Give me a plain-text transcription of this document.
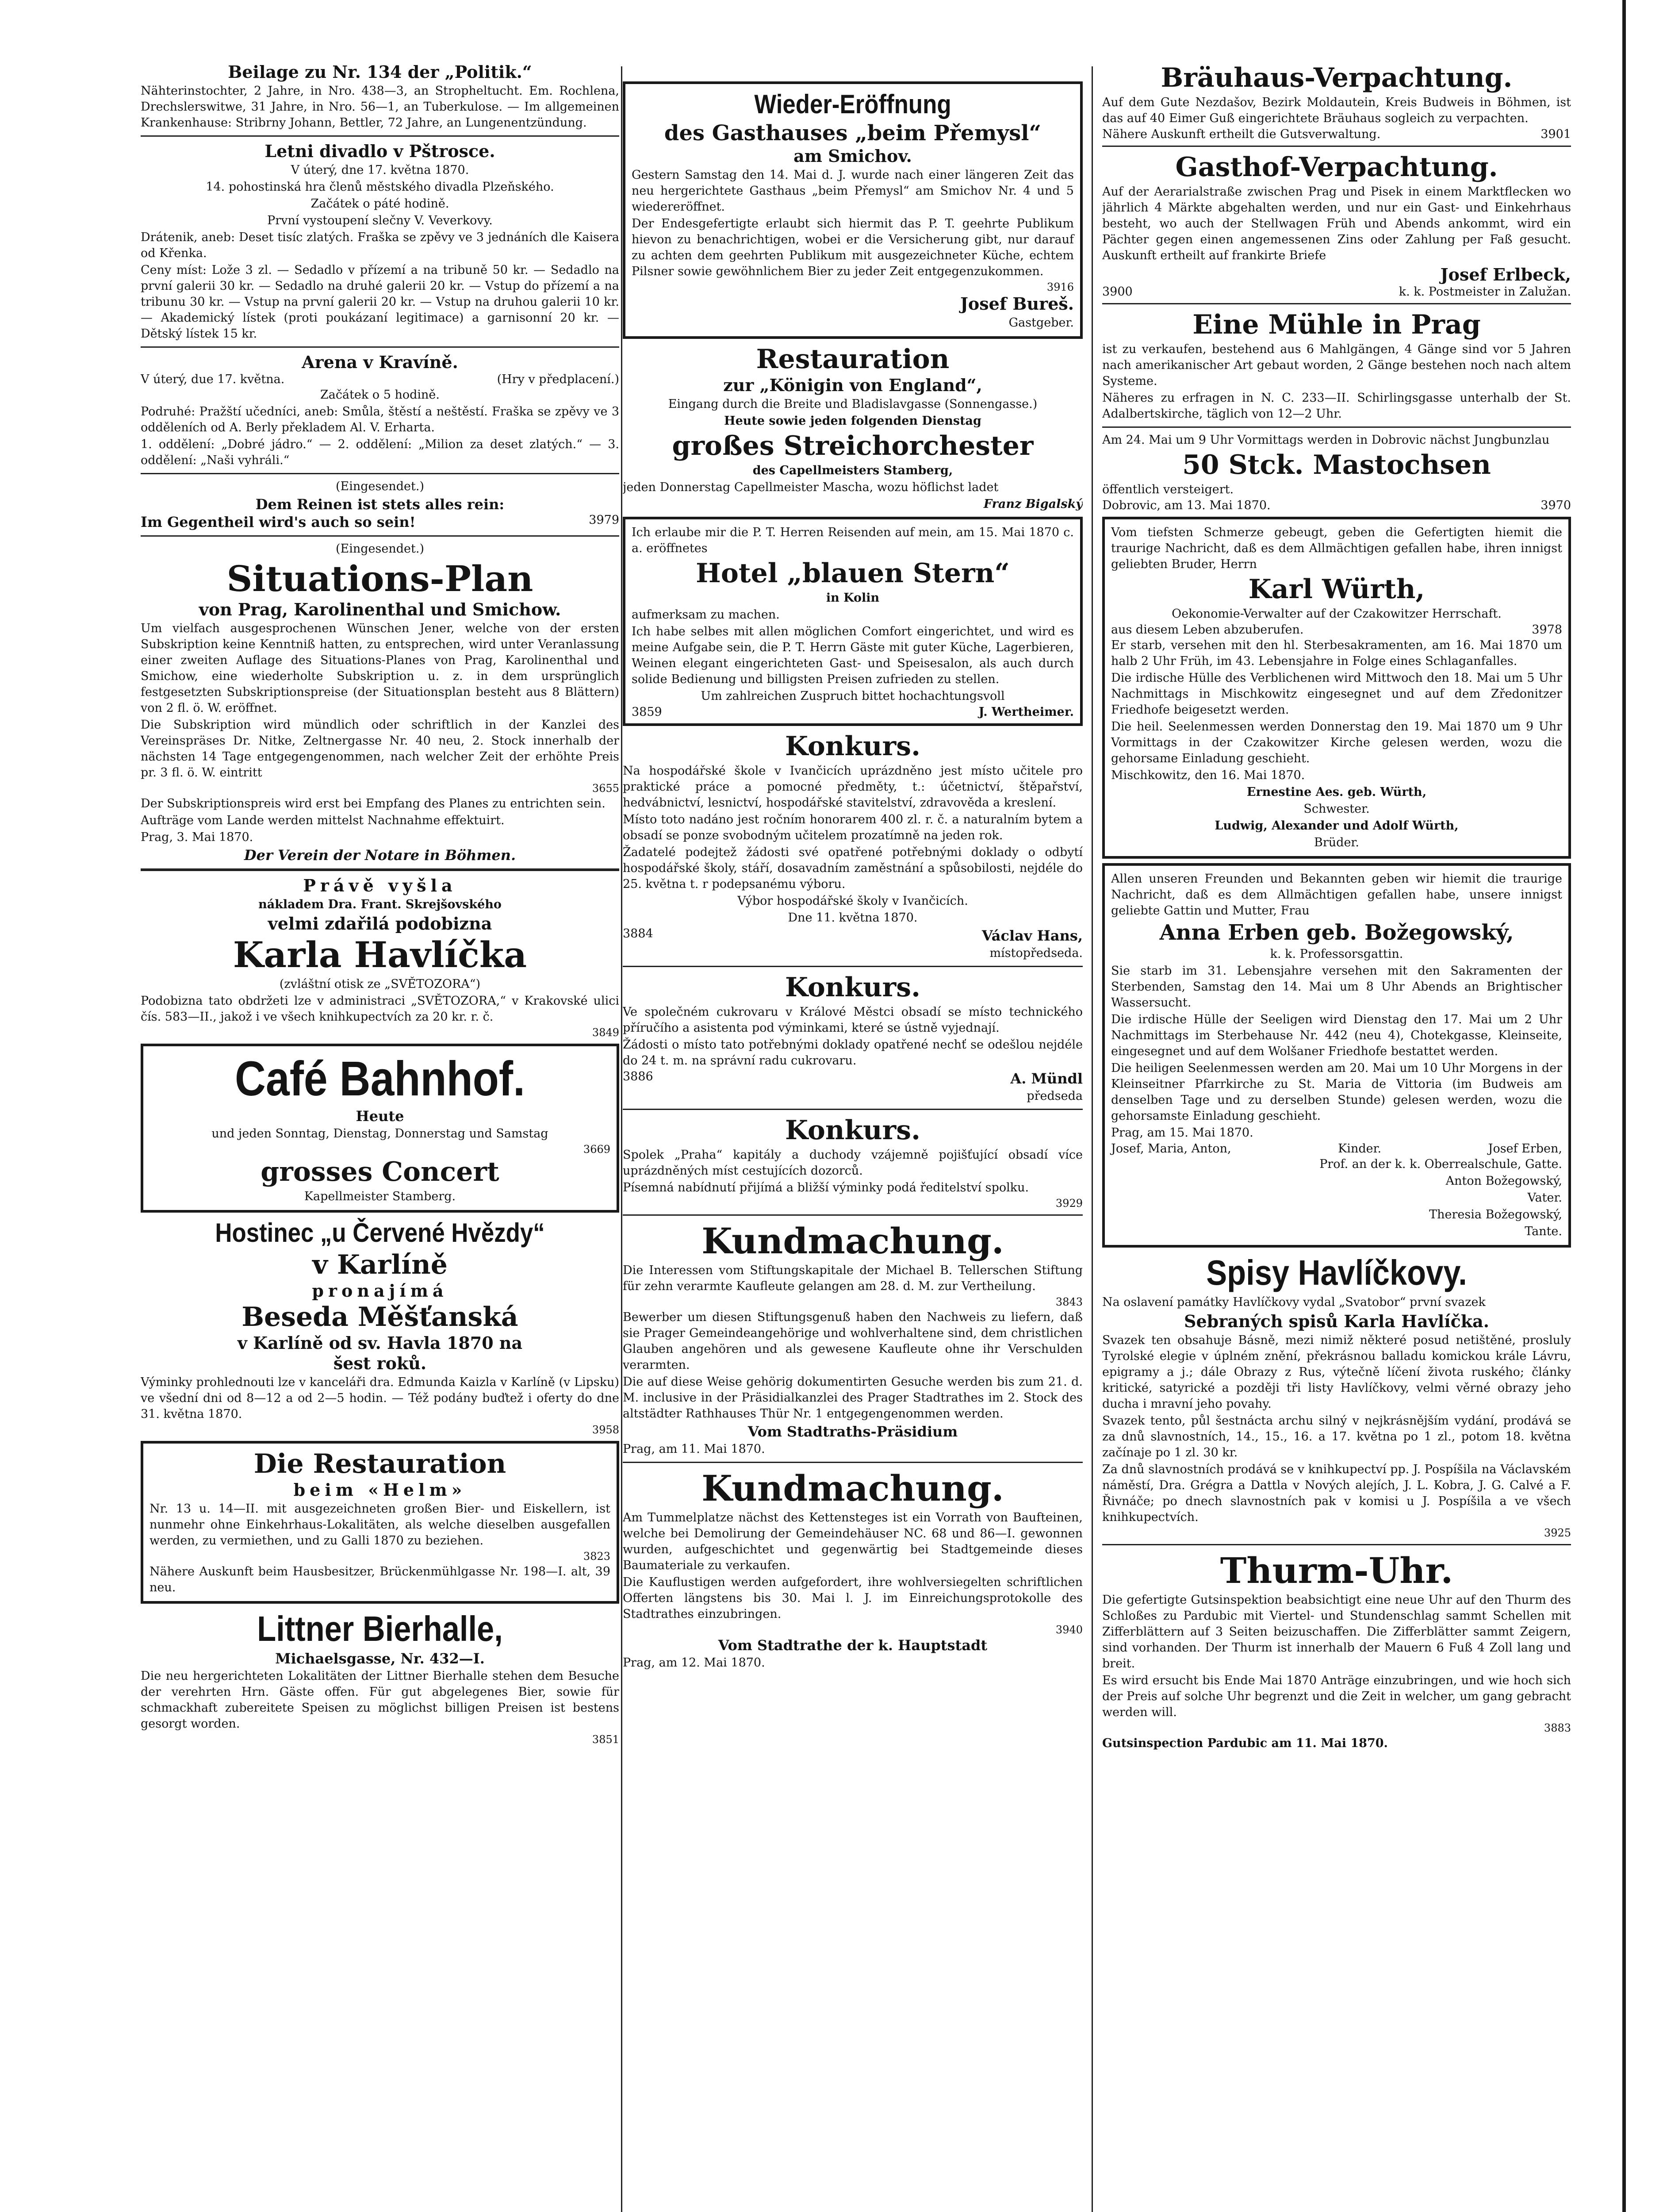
Beilage zu Nr. 134 der „Politik.“
Nähterinstochter, 2 Jahre, in Nro. 438—3, an Stropheltucht. Em. Rochlena, Drechslerswitwe, 31 Jahre, in Nro. 56—1, an Tuberkulose. — Im allgemeinen Krankenhause: Stribrny Johann, Bettler, 72 Jahre, an Lungenentzündung.
Letni divadlo v Pštrosce.
V úterý, dne 17. května 1870.
14. pohostinská hra členů městského divadla Plzeňského.
Začátek o páté hodině.
První vystoupení slečny V. Veverkovy.
Drátenik, aneb: Deset tisíc zlatých. Fraška se zpěvy ve 3 jednáních dle Kaisera od Křenka.
Ceny míst: Lože 3 zl. — Sedadlo v přízemí a na tribuně 50 kr. — Sedadlo na první galerii 30 kr. — Sedadlo na druhé galerii 20 kr. — Vstup do přízemí a na tribunu 30 kr. — Vstup na první galerii 20 kr. — Vstup na druhou galerii 10 kr. — Akademický lístek (proti poukázaní legitimace) a garnisonní 20 kr. — Dětský lístek 15 kr.
Arena v Kravíně.
V úterý, due 17. května.	(Hry v předplacení.)
Začátek o 5 hodině.
Podruhé: Pražští učedníci, aneb: Smůla, štěstí a neštěstí. Fraška se zpěvy ve 3 odděleních od A. Berly překladem Al. V. Erharta.
1. oddělení: „Dobré jádro.“ — 2. oddělení: „Milion za deset zlatých.“ — 3. oddělení: „Naši vyhráli.“
(Eingesendet.)
Dem Reinen ist stets alles rein:
Im Gegentheil wird's auch so sein!	3979
(Eingesendet.)
Situations-Plan
von Prag, Karolinenthal und Smichow.
Um vielfach ausgesprochenen Wünschen Jener, welche von der ersten Subskription keine Kenntniß hatten, zu entsprechen, wird unter Veranlassung einer zweiten Auflage des Situations-Planes von Prag, Karolinenthal und Smichow, eine wiederholte Subskription u. z. in dem ursprünglich festgesetzten Subskriptionspreise (der Situationsplan besteht aus 8 Blättern) von 2 fl. ö. W. eröffnet.
Die Subskription wird mündlich oder schriftlich in der Kanzlei des Vereinspräses Dr. Nitke, Zeltnergasse Nr. 40 neu, 2. Stock innerhalb der nächsten 14 Tage entgegengenommen, nach welcher Zeit der erhöhte Preis pr. 3 fl. ö. W. eintritt
3655
Der Subskriptionspreis wird erst bei Empfang des Planes zu entrichten sein.
Aufträge vom Lande werden mittelst Nachnahme effektuirt.
Prag, 3. Mai 1870.
Der Verein der Notare in Böhmen.
Právě vyšla
nákladem Dra. Frant. Skrejšovského
velmi zdařilá podobizna
Karla Havlíčka
(zvláštní otisk ze „SVĚTOZORA“)
Podobizna tato obdržeti lze v administraci „SVĚTOZORA,“ v Krakovské ulici čís. 583—II., jakož i ve všech knihkupectvích za 20 kr. r. č.
3849
Café Bahnhof.
Heute
und jeden Sonntag, Dienstag, Donnerstag und Samstag
3669
grosses Concert
Kapellmeister Stamberg.
Hostinec „u Červené Hvězdy“
v Karlíně
pronajímá
Beseda Měšťanská
v Karlíně od sv. Havla 1870 na
šest roků.
Výminky prohlednouti lze v kanceláři dra. Edmunda Kaizla v Karlíně (v Lipsku) ve všední dni od 8—12 a od 2—5 hodin. — Též podány buďtež i oferty do dne 31. května 1870.
3958
Die Restauration
beim «Helm»
Nr. 13 u. 14—II. mit ausgezeichneten großen Bier- und Eiskellern, ist nunmehr ohne Einkehrhaus-Lokalitäten, als welche dieselben ausgefallen werden, zu vermiethen, und zu Galli 1870 zu beziehen.
3823
Nähere Auskunft beim Hausbesitzer, Brückenmühlgasse Nr. 198—I. alt, 39 neu.
Littner Bierhalle,
Michaelsgasse, Nr. 432—I.
Die neu hergerichteten Lokalitäten der Littner Bierhalle stehen dem Besuche der verehrten Hrn. Gäste offen. Für gut abgelegenes Bier, sowie für schmackhaft zubereitete Speisen zu möglichst billigen Preisen ist bestens gesorgt worden.
3851
Wieder-Eröffnung
des Gasthauses „beim Přemysl“
am Smichov.
Gestern Samstag den 14. Mai d. J. wurde nach einer längeren Zeit das neu hergerichtete Gasthaus „beim Přemysl“ am Smichov Nr. 4 und 5 wiedereröffnet.
Der Endesgefertigte erlaubt sich hiermit das P. T. geehrte Publikum hievon zu benachrichtigen, wobei er die Versicherung gibt, nur darauf zu achten dem geehrten Publikum mit ausgezeichneter Küche, echtem Pilsner sowie gewöhnlichem Bier zu jeder Zeit entgegenzukommen.
3916
Josef Bureš.
Gastgeber.
Restauration
zur „Königin von England“,
Eingang durch die Breite und Bladislavgasse (Sonnengasse.)
Heute sowie jeden folgenden Dienstag
großes Streichorchester
des Capellmeisters Stamberg,
jeden Donnerstag Capellmeister Mascha, wozu höflichst ladet
Franz Bigalský
Ich erlaube mir die P. T. Herren Reisenden auf mein, am 15. Mai 1870 c. a. eröffnetes
Hotel „blauen Stern“
in Kolin
aufmerksam zu machen.
Ich habe selbes mit allen möglichen Comfort eingerichtet, und wird es meine Aufgabe sein, die P. T. Herrn Gäste mit guter Küche, Lagerbieren, Weinen elegant eingerichteten Gast- und Speisesalon, als auch durch solide Bedienung und billigsten Preisen zufrieden zu stellen.
Um zahlreichen Zuspruch bittet hochachtungsvoll
3859	J. Wertheimer.
Konkurs.
Na hospodářské škole v Ivančicích uprázdněno jest místo učitele pro praktické práce a pomocné předměty, t.: účetnictví, štěpařství, hedvábnictví, lesnictví, hospodářské stavitelství, zdravověda a kreslení.
Místo toto nadáno jest ročním honorarem 400 zl. r. č. a naturalním bytem a obsadí se ponze svobodným učitelem prozatímně na jeden rok.
Žadatelé podejtež žádosti své opatřené potřebnými doklady o odbytí hospodářské školy, stáří, dosavadním zaměstnání a spůsobilosti, nejdéle do 25. května t. r podepsanému výboru.
Výbor hospodářské školy v Ivančicích.
Dne 11. května 1870.
3884	Václav Hans,
místopředseda.
Konkurs.
Ve společném cukrovaru v Králové Městci obsadí se místo technického příručího a asistenta pod výminkami, které se ústně vyjednají.
Žádosti o místo tato potřebnými doklady opatřené nechť se odešlou nejdéle do 24 t. m. na správní radu cukrovaru.
3886	A. Mündl
předseda
Konkurs.
Spolek „Praha“ kapitály a duchody vzájemně pojišťující obsadí více uprázdněných míst cestujících dozorců.
Písemná nabídnutí přijímá a bližší výminky podá ředitelství spolku.
3929
Kundmachung.
Die Interessen vom Stiftungskapitale der Michael B. Tellerschen Stiftung für zehn verarmte Kaufleute gelangen am 28. d. M. zur Vertheilung.
3843
Bewerber um diesen Stiftungsgenuß haben den Nachweis zu liefern, daß sie Prager Gemeindeangehörige und wohlverhaltene sind, dem christlichen Glauben angehören und als gewesene Kaufleute ohne ihr Verschulden verarmten.
Die auf diese Weise gehörig dokumentirten Gesuche werden bis zum 21. d. M. inclusive in der Präsidialkanzlei des Prager Stadtrathes im 2. Stock des altstädter Rathhauses Thür Nr. 1 entgegengenommen werden.
Vom Stadtraths-Präsidium
Prag, am 11. Mai 1870.
Kundmachung.
Am Tummelplatze nächst des Kettensteges ist ein Vorrath von Baufteinen, welche bei Demolirung der Gemeindehäuser NC. 68 und 86—I. gewonnen wurden, aufgeschichtet und gegenwärtig bei Stadtgemeinde dieses Baumateriale zu verkaufen.
Die Kauflustigen werden aufgefordert, ihre wohlversiegelten schriftlichen Offerten längstens bis 30. Mai l. J. im Einreichungsprotokolle des Stadtrathes einzubringen.
3940
Vom Stadtrathe der k. Hauptstadt
Prag, am 12. Mai 1870.
Bräuhaus-Verpachtung.
Auf dem Gute Nezdašov, Bezirk Moldautein, Kreis Budweis in Böhmen, ist das auf 40 Eimer Guß eingerichtete Bräuhaus sogleich zu verpachten.
Nähere Auskunft ertheilt die Gutsverwaltung.	3901
Gasthof-Verpachtung.
Auf der Aerarialstraße zwischen Prag und Pisek in einem Marktflecken wo jährlich 4 Märkte abgehalten werden, und nur ein Gast- und Einkehrhaus besteht, wo auch der Stellwagen Früh und Abends ankommt, wird ein Pächter gegen einen angemessenen Zins oder Zahlung per Faß gesucht. Auskunft ertheilt auf frankirte Briefe
Josef Erlbeck,
3900	k. k. Postmeister in Zalužan.
Eine Mühle in Prag
ist zu verkaufen, bestehend aus 6 Mahlgängen, 4 Gänge sind vor 5 Jahren nach amerikanischer Art gebaut worden, 2 Gänge bestehen noch nach altem Systeme.
Näheres zu erfragen in N. C. 233—II. Schirlingsgasse unterhalb der St. Adalbertskirche, täglich von 12—2 Uhr.
Am 24. Mai um 9 Uhr Vormittags werden in Dobrovic nächst Jungbunzlau
50 Stck. Mastochsen
öffentlich versteigert.
Dobrovic, am 13. Mai 1870.	3970
Vom tiefsten Schmerze gebeugt, geben die Gefertigten hiemit die traurige Nachricht, daß es dem Allmächtigen gefallen habe, ihren innigst geliebten Bruder, Herrn
Karl Würth,
Oekonomie-Verwalter auf der Czakowitzer Herrschaft.
aus diesem Leben abzuberufen.	3978
Er starb, versehen mit den hl. Sterbesakramenten, am 16. Mai 1870 um halb 2 Uhr Früh, im 43. Lebensjahre in Folge eines Schlaganfalles.
Die irdische Hülle des Verblichenen wird Mittwoch den 18. Mai um 5 Uhr Nachmittags in Mischkowitz eingesegnet und auf dem Zředonitzer Friedhofe beigesetzt werden.
Die heil. Seelenmessen werden Donnerstag den 19. Mai 1870 um 9 Uhr Vormittags in der Czakowitzer Kirche gelesen werden, wozu die gehorsame Einladung geschieht.
Mischkowitz, den 16. Mai 1870.
Ernestine Aes. geb. Würth,
Schwester.
Ludwig, Alexander und Adolf Würth,
Brüder.
Allen unseren Freunden und Bekannten geben wir hiemit die traurige Nachricht, daß es dem Allmächtigen gefallen habe, unsere innigst geliebte Gattin und Mutter, Frau
Anna Erben geb. Božegowský,
k. k. Professorsgattin.
Sie starb im 31. Lebensjahre versehen mit den Sakramenten der Sterbenden, Samstag den 14. Mai um 8 Uhr Abends an Brightischer Wassersucht.
Die irdische Hülle der Seeligen wird Dienstag den 17. Mai um 2 Uhr Nachmittags im Sterbehause Nr. 442 (neu 4), Chotekgasse, Kleinseite, eingesegnet und auf dem Wolšaner Friedhofe bestattet werden.
Die heiligen Seelenmessen werden am 20. Mai um 10 Uhr Morgens in der Kleinseitner Pfarrkirche zu St. Maria de Vittoria (im Budweis am denselben Tage und zu derselben Stunde) gelesen werden, wozu die gehorsamste Einladung geschieht.
Prag, am 15. Mai 1870.
Josef, Maria, Anton,	Kinder.	Josef Erben,
Prof. an der k. k. Oberrealschule, Gatte.
Anton Božegowský,
Vater.
Theresia Božegowský,
Tante.
Spisy Havlíčkovy.
Na oslavení památky Havlíčkovy vydal „Svatobor“ první svazek
Sebraných spisů Karla Havlíčka.
Svazek ten obsahuje Básně, mezi nimiž některé posud netištěné, prosluly Tyrolské elegie v úplném znění, překrásnou balladu komickou krále Lávru, epigramy a j.; dále Obrazy z Rus, výtečně líčení života ruského; články kritické, satyrické a později tři listy Havlíčkovy, velmi věrné obrazy jeho ducha i mravní jeho povahy.
Svazek tento, půl šestnácta archu silný v nejkrásnějším vydání, prodává se za dnů slavnostních, 14., 15., 16. a 17. května po 1 zl., potom 18. května začínaje po 1 zl. 30 kr.
Za dnů slavnostních prodává se v knihkupectví pp. J. Pospíšila na Václavském náměstí, Dra. Grégra a Dattla v Nových alejích, J. L. Kobra, J. G. Calvé a F. Řivnáče; po dnech slavnostních pak v komisi u J. Pospíšila a ve všech knihkupectvích.
3925
Thurm-Uhr.
Die gefertigte Gutsinspektion beabsichtigt eine neue Uhr auf den Thurm des Schloßes zu Pardubic mit Viertel- und Stundenschlag sammt Schellen mit Zifferblättern auf 3 Seiten beizuschaffen. Die Zifferblätter sammt Zeigern, sind vorhanden. Der Thurm ist innerhalb der Mauern 6 Fuß 4 Zoll lang und breit.
Es wird ersucht bis Ende Mai 1870 Anträge einzubringen, und wie hoch sich der Preis auf solche Uhr begrenzt und die Zeit in welcher, um gang gebracht werden will.
3883
Gutsinspection Pardubic am 11. Mai 1870.
